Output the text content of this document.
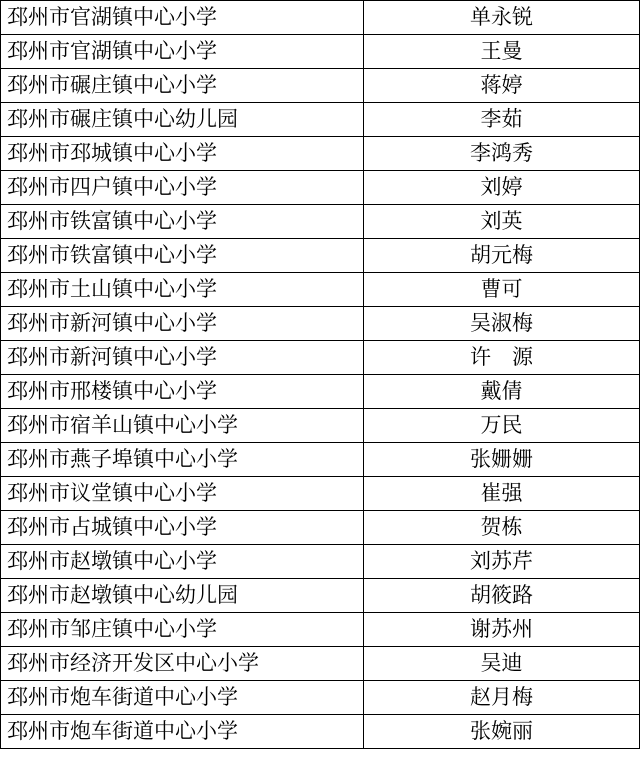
邳州市官湖镇中心小学	单永锐
邳州市官湖镇中心小学	王曼
邳州市碾庄镇中心小学	蒋婷
邳州市碾庄镇中心幼儿园	李茹
邳州市邳城镇中心小学	李鸿秀
邳州市四户镇中心小学	刘婷
邳州市铁富镇中心小学	刘英
邳州市铁富镇中心小学	胡元梅
邳州市土山镇中心小学	曹可
邳州市新河镇中心小学	吴淑梅
邳州市新河镇中心小学	许　源
邳州市邢楼镇中心小学	戴倩
邳州市宿羊山镇中心小学	万民
邳州市燕子埠镇中心小学	张姗姗
邳州市议堂镇中心小学	崔强
邳州市占城镇中心小学	贺栋
邳州市赵墩镇中心小学	刘苏芹
邳州市赵墩镇中心幼儿园	胡筱路
邳州市邹庄镇中心小学	谢苏州
邳州市经济开发区中心小学	吴迪
邳州市炮车街道中心小学	赵月梅
邳州市炮车街道中心小学	张婉丽
